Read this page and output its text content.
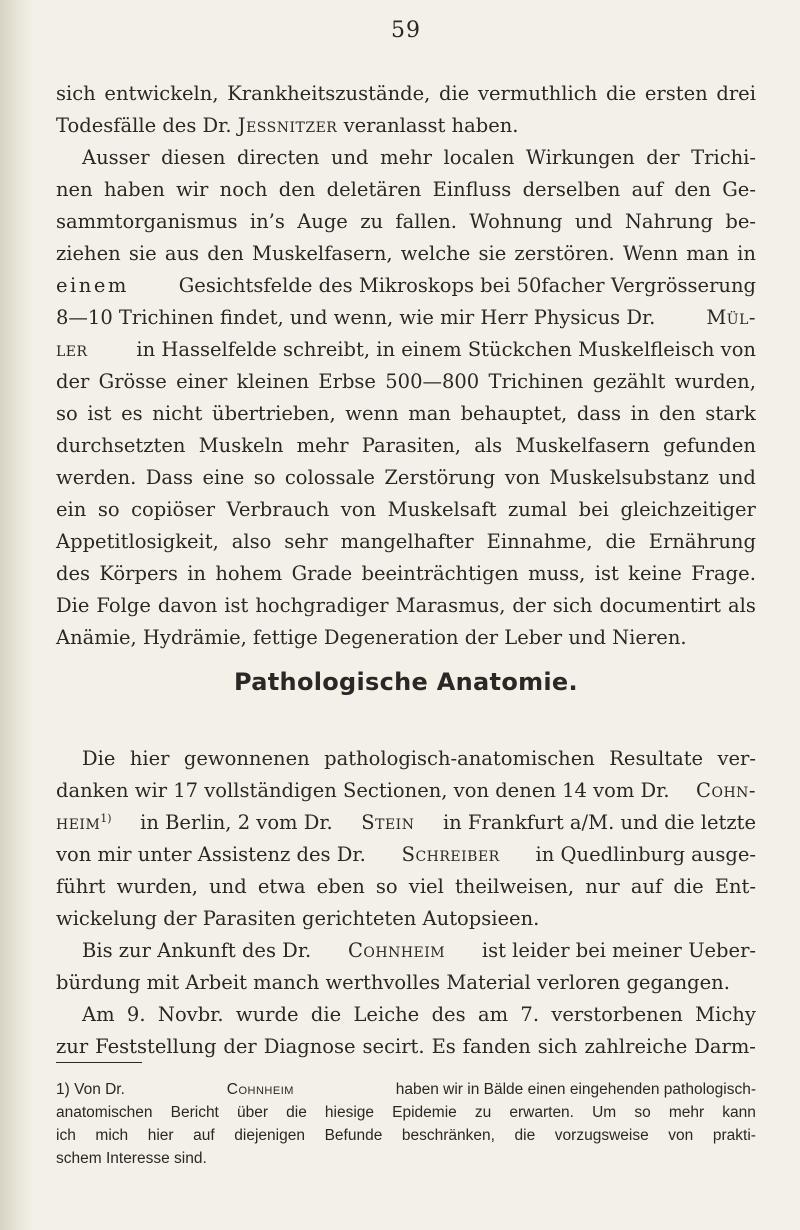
59
sich entwickeln, Krankheitszustände, die vermuthlich die ersten drei
Todesfälle des Dr.
Jessnitzer
veranlasst haben.
Ausser diesen directen und mehr localen Wirkungen der Trichi-
nen haben wir noch den deletären Einfluss derselben auf den Ge-
sammtorganismus in’s Auge zu fallen. Wohnung und Nahrung be-
ziehen sie aus den Muskelfasern, welche sie zerstören. Wenn man in
einem	Gesichtsfelde des Mikroskops bei 50facher Vergrösserung
8—10 Trichinen findet, und wenn, wie mir Herr Physicus Dr.	Mül-
ler	in Hasselfelde schreibt, in einem Stückchen Muskelfleisch von
der Grösse einer kleinen Erbse 500—800 Trichinen gezählt wurden,
so ist es nicht übertrieben, wenn man behauptet, dass in den stark
durchsetzten Muskeln mehr Parasiten, als Muskelfasern gefunden
werden. Dass eine so colossale Zerstörung von Muskelsubstanz und
ein so copiöser Verbrauch von Muskelsaft zumal bei gleichzeitiger
Appetitlosigkeit, also sehr mangelhafter Einnahme, die Ernährung
des Körpers in hohem Grade beeinträchtigen muss, ist keine Frage.
Die Folge davon ist hochgradiger Marasmus, der sich documentirt als
Anämie, Hydrämie, fettige Degeneration der Leber und Nieren.
Pathologische Anatomie.
Die hier gewonnenen pathologisch-anatomischen Resultate ver-
danken wir 17 vollständigen Sectionen, von denen 14 vom Dr. Cohn-
heim$^{1)}$ in Berlin, 2 vom Dr. Stein in Frankfurt a/M. und die letzte
von mir unter Assistenz des Dr. Schreiber in Quedlinburg ausge-
führt wurden, und etwa eben so viel theilweisen, nur auf die Ent-
wickelung der Parasiten gerichteten Autopsieen.
Bis zur Ankunft des Dr. Cohnheim ist leider bei meiner Ueber-
bürdung mit Arbeit manch werthvolles Material verloren gegangen.
Am 9. Novbr. wurde die Leiche des am 7. verstorbenen Michy
zur Feststellung der Diagnose secirt. Es fanden sich zahlreiche Darm-
1) Von Dr.	Cohnheim	haben wir in Bälde einen eingehenden pathologisch-
anatomischen Bericht über die hiesige Epidemie zu erwarten. Um so mehr kann
ich mich hier auf diejenigen Befunde beschränken, die vorzugsweise von prakti-
schem Interesse sind.
